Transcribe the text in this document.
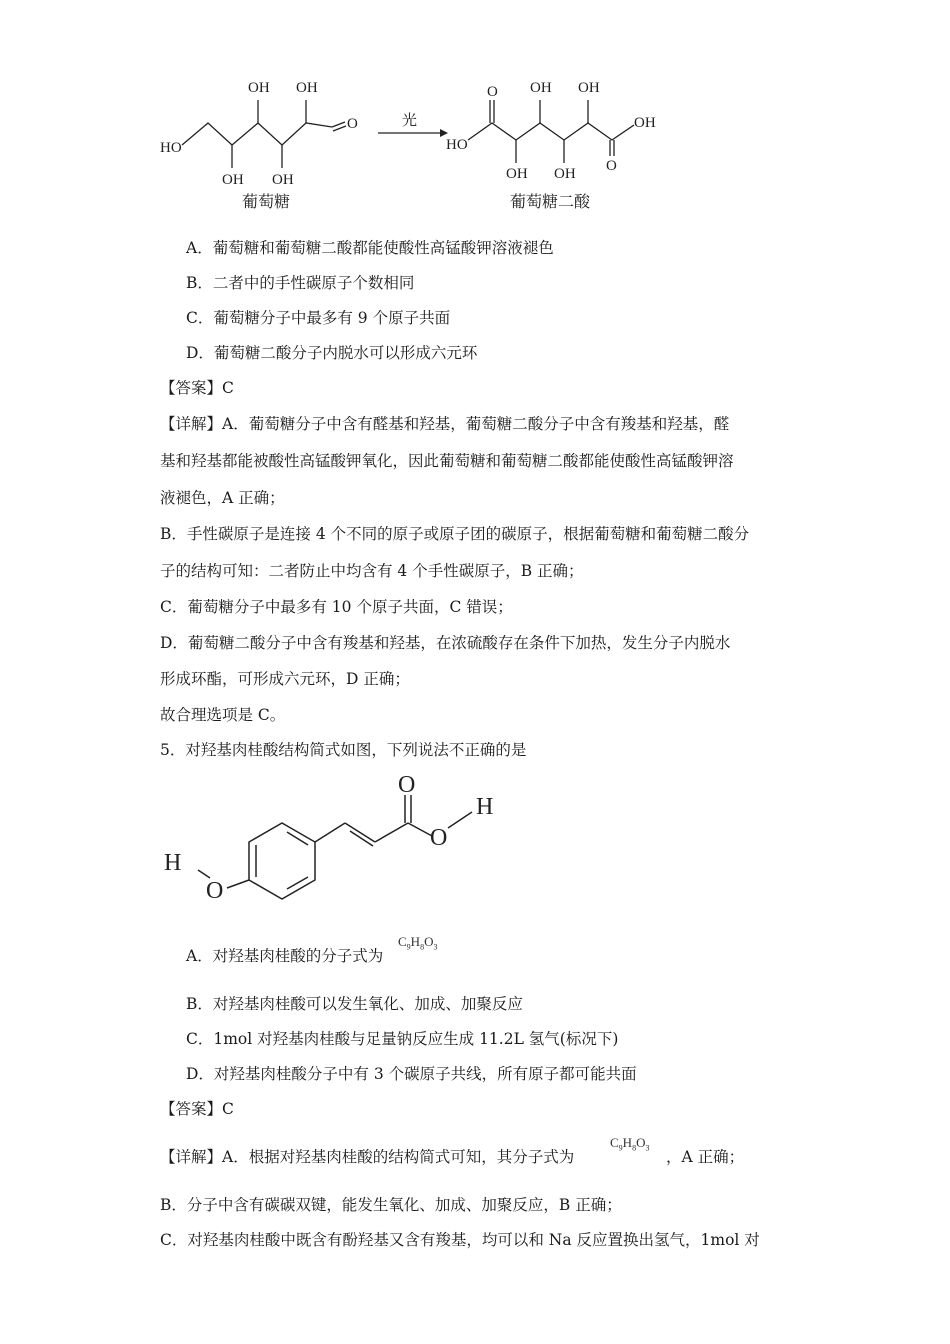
HO
OH
OH
OH
OH
O
葡萄糖
光
HO
O
OH
OH
OH
OH
O
OH
葡萄糖二酸
A．葡萄糖和葡萄糖二酸都能使酸性高锰酸钾溶液褪色
B．二者中的手性碳原子个数相同
C．葡萄糖分子中最多有 9 个原子共面
D．葡萄糖二酸分子内脱水可以形成六元环
【答案】C
【详解】A．葡萄糖分子中含有醛基和羟基，葡萄糖二酸分子中含有羧基和羟基，醛
基和羟基都能被酸性高锰酸钾氧化，因此葡萄糖和葡萄糖二酸都能使酸性高锰酸钾溶
液褪色，A 正确；
B．手性碳原子是连接 4 个不同的原子或原子团的碳原子，根据葡萄糖和葡萄糖二酸分
子的结构可知：二者防止中均含有 4 个手性碳原子，B 正确；
C．葡萄糖分子中最多有 10 个原子共面，C 错误；
D．葡萄糖二酸分子中含有羧基和羟基，在浓硫酸存在条件下加热，发生分子内脱水
形成环酯，可形成六元环，D 正确；
故合理选项是 C。
5．对羟基肉桂酸结构简式如图，下列说法不正确的是
H
O
O
O
H
A．对羟基肉桂酸的分子式为
$C_9H_8O_3$
B．对羟基肉桂酸可以发生氧化、加成、加聚反应
C．1mol 对羟基肉桂酸与足量钠反应生成 11.2L 氢气(标况下)
D．对羟基肉桂酸分子中有 3 个碳原子共线，所有原子都可能共面
【答案】C
【详解】A．根据对羟基肉桂酸的结构简式可知，其分子式为
$C_9H_8O_3$ ，A 正确；
B．分子中含有碳碳双键，能发生氧化、加成、加聚反应，B 正确；
C．对羟基肉桂酸中既含有酚羟基又含有羧基，均可以和 Na 反应置换出氢气，1mol 对
